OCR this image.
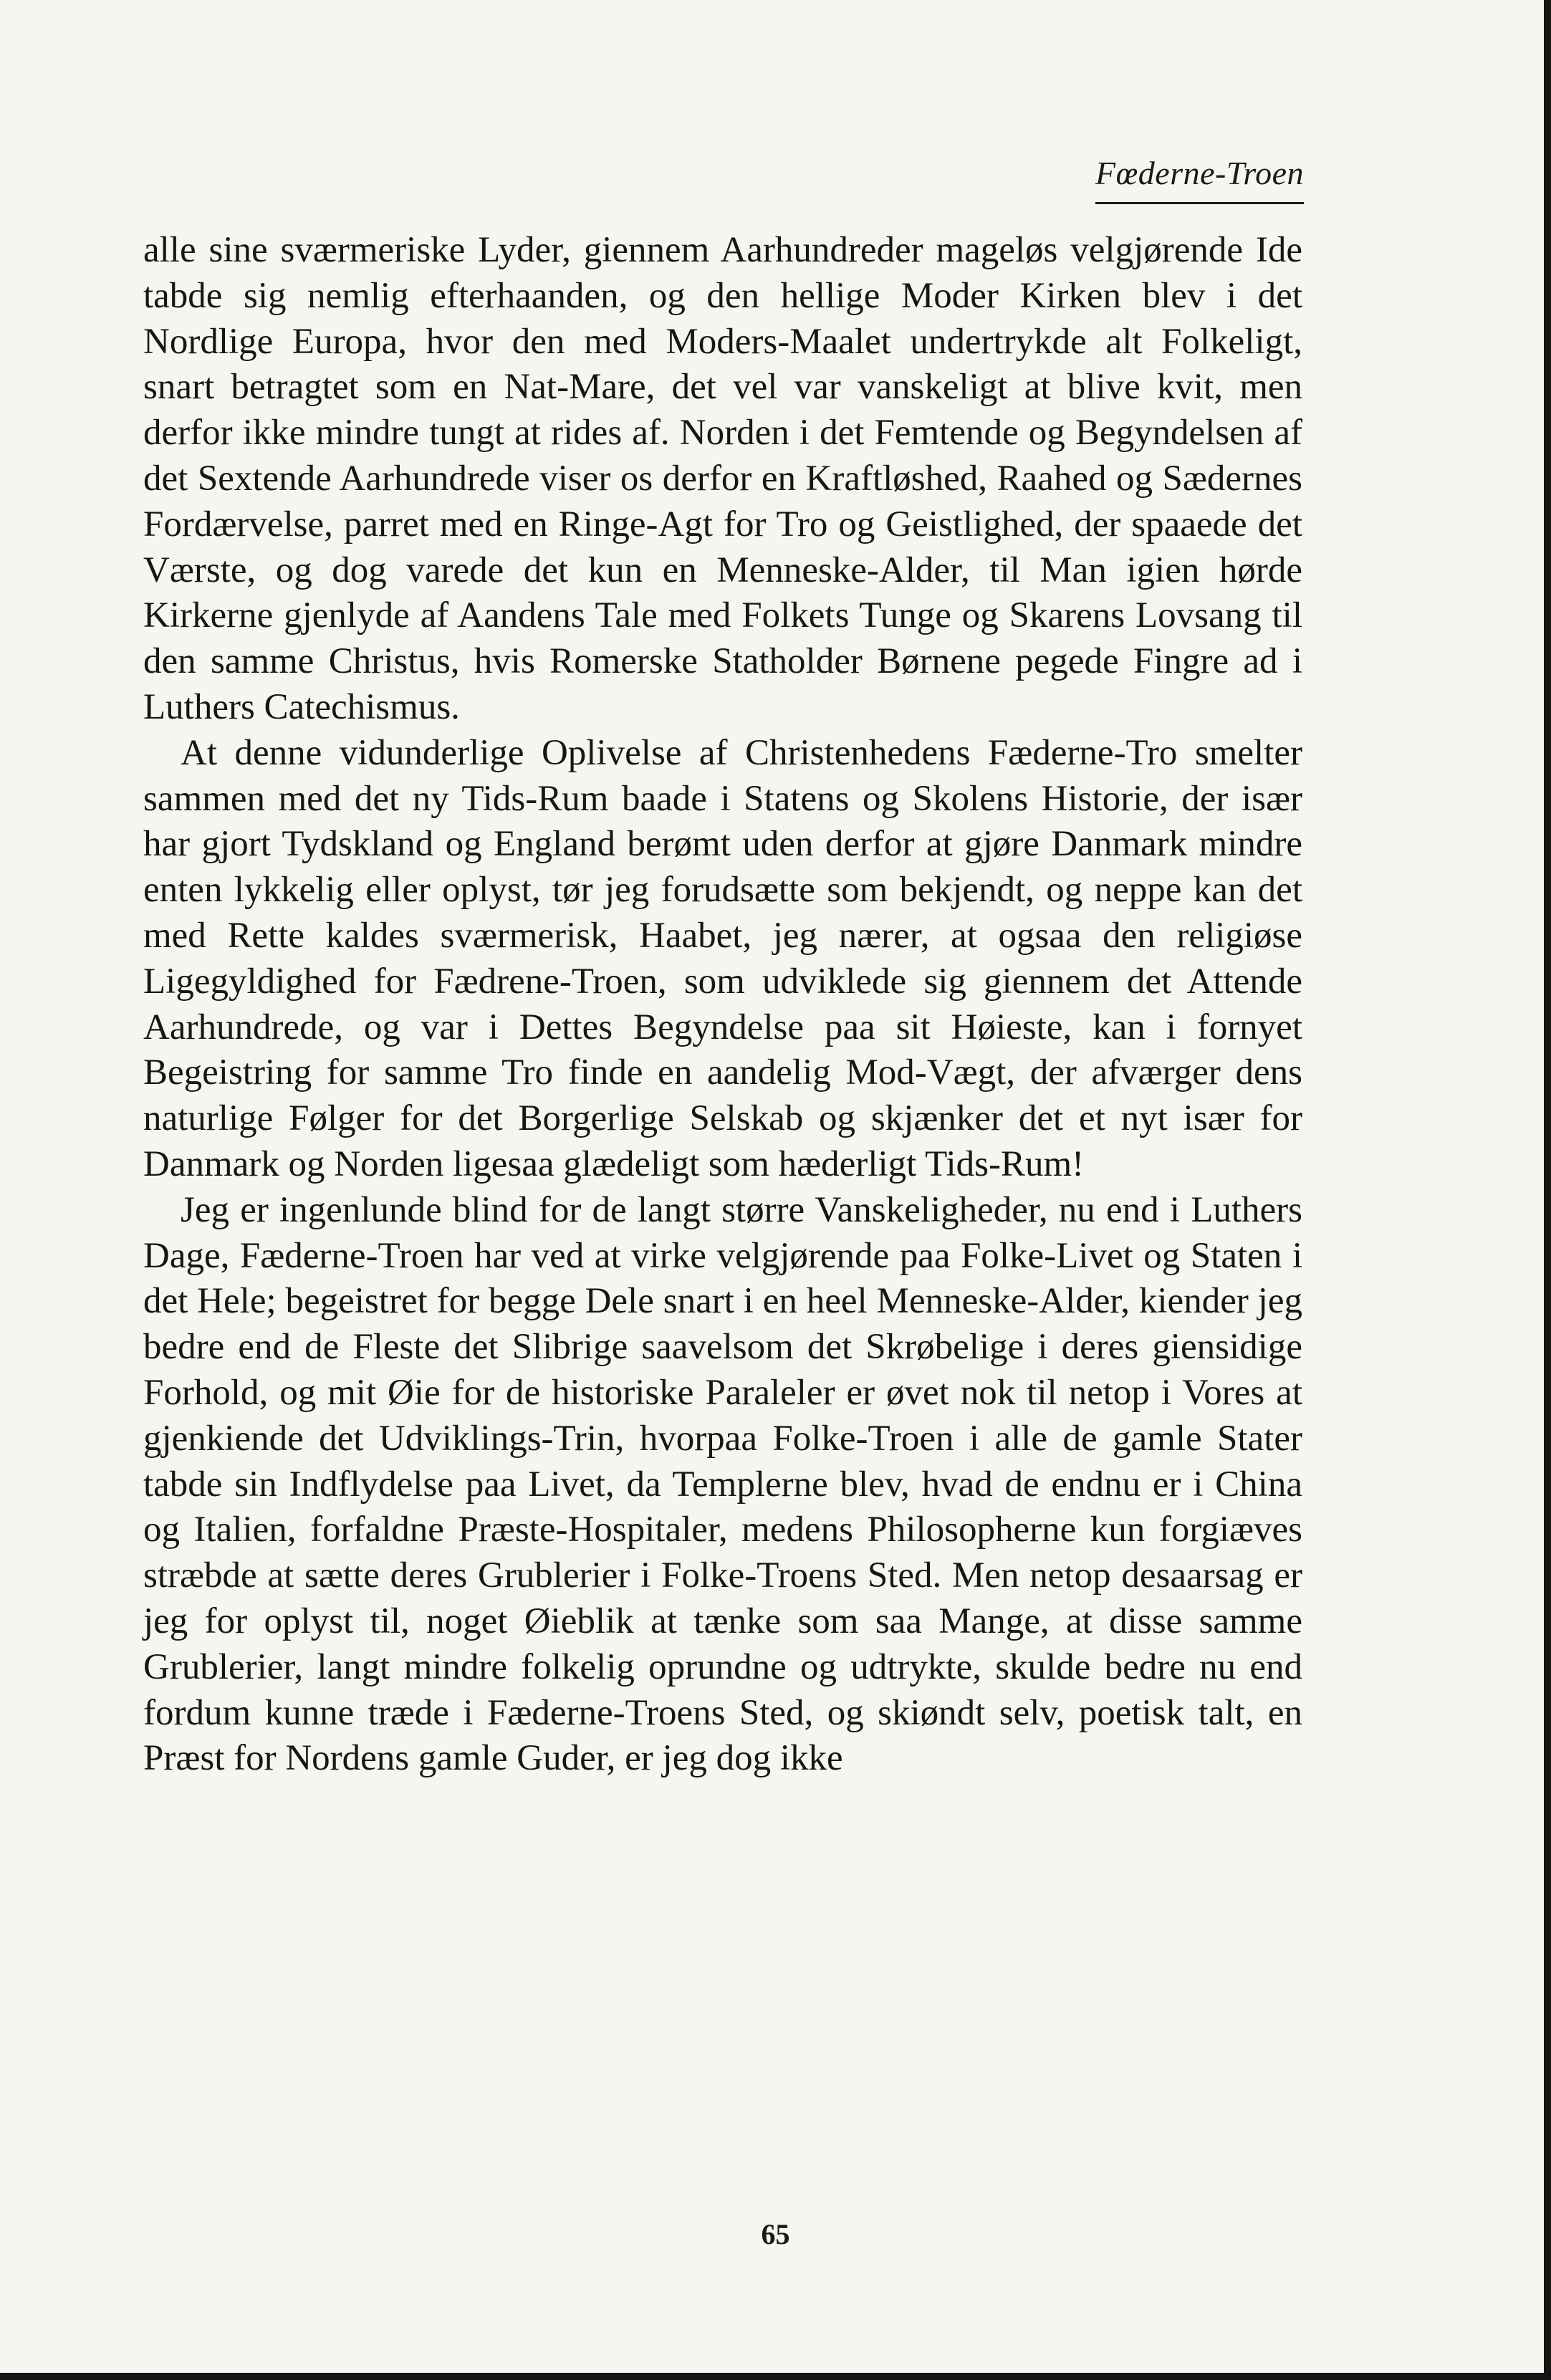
Fœderne-Troen

alle sine sværmeriske Lyder, giennem Aarhundreder mageløs velgjørende Ide tabde sig nemlig efterhaanden, og den hellige Moder Kirken blev i det Nordlige Europa, hvor den med Moders-Maalet undertrykde alt Folkeligt, snart betragtet som en Nat-Mare, det vel var vanskeligt at blive kvit, men derfor ikke mindre tungt at rides af. Norden i det Femtende og Begyndelsen af det Sextende Aarhundrede viser os derfor en Kraftløshed, Raahed og Sædernes Fordærvelse, parret med en Ringe-Agt for Tro og Geistlighed, der spaaede det Værste, og dog varede det kun en Menneske-Alder, til Man igien hørde Kirkerne gjenlyde af Aandens Tale med Folkets Tunge og Skarens Lovsang til den samme Christus, hvis Romerske Statholder Børnene pegede Fingre ad i Luthers Catechismus.

At denne vidunderlige Oplivelse af Christenhedens Fæderne-Tro smelter sammen med det ny Tids-Rum baade i Statens og Skolens Historie, der især har gjort Tydskland og England berømt uden derfor at gjøre Danmark mindre enten lykkelig eller oplyst, tør jeg forudsætte som bekjendt, og neppe kan det med Rette kaldes sværmerisk, Haabet, jeg nærer, at ogsaa den religiøse Ligegyldighed for Fædrene-Troen, som udviklede sig giennem det Attende Aarhundrede, og var i Dettes Begyndelse paa sit Høieste, kan i fornyet Begeistring for samme Tro finde en aandelig Mod-Vægt, der afværger dens naturlige Følger for det Borgerlige Selskab og skjænker det et nyt især for Danmark og Norden ligesaa glædeligt som hæderligt Tids-Rum!

Jeg er ingenlunde blind for de langt større Vanskeligheder, nu end i Luthers Dage, Fæderne-Troen har ved at virke velgjørende paa Folke-Livet og Staten i det Hele; begeistret for begge Dele snart i en heel Menneske-Alder, kiender jeg bedre end de Fleste det Slibrige saavelsom det Skrøbelige i deres giensidige Forhold, og mit Øie for de historiske Paraleler er øvet nok til netop i Vores at gjenkiende det Udviklings-Trin, hvorpaa Folke-Troen i alle de gamle Stater tabde sin Indflydelse paa Livet, da Templerne blev, hvad de endnu er i China og Italien, forfaldne Præste-Hospitaler, medens Philosopherne kun forgiæves stræbde at sætte deres Grublerier i Folke-Troens Sted. Men netop desaarsag er jeg for oplyst til, noget Øieblik at tænke som saa Mange, at disse samme Grublerier, langt mindre folkelig oprundne og udtrykte, skulde bedre nu end fordum kunne træde i Fæderne-Troens Sted, og skiøndt selv, poetisk talt, en Præst for Nordens gamle Guder, er jeg dog ikke

65
